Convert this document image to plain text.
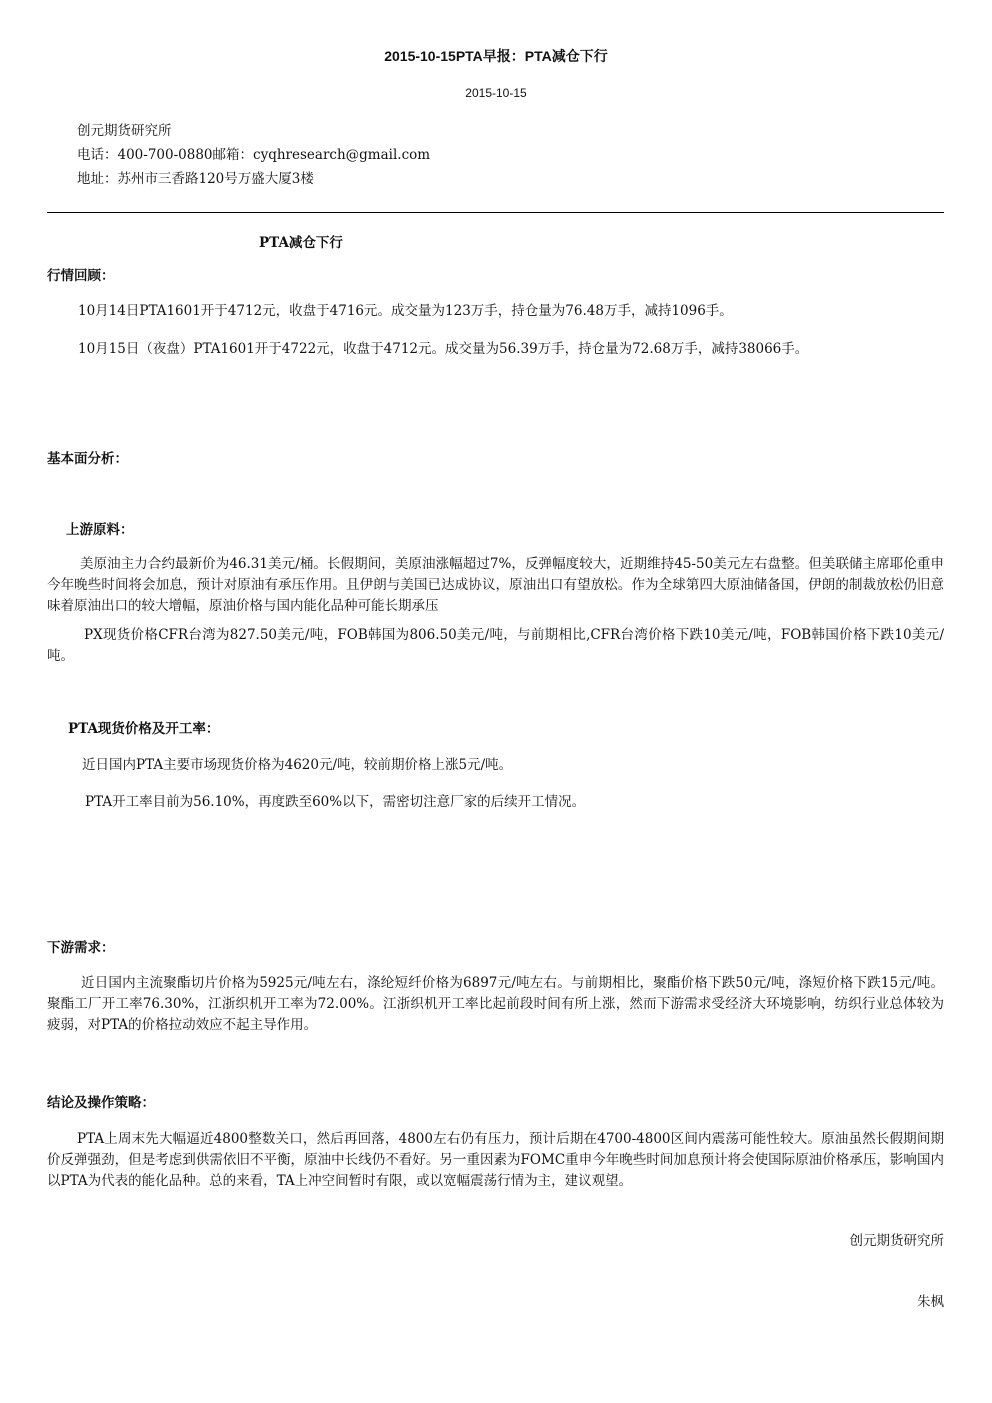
2015-10-15PTA早报：PTA减仓下行
2015-10-15
创元期货研究所
电话：400-700-0880邮箱：cyqhresearch@gmail.com
地址：苏州市三香路120号万盛大厦3楼
PTA减仓下行
行情回顾：
10月14日PTA1601开于4712元，收盘于4716元。成交量为123万手，持仓量为76.48万手，减持1096手。
10月15日（夜盘）PTA1601开于4722元，收盘于4712元。成交量为56.39万手，持仓量为72.68万手，减持38066手。
基本面分析：
上游原料：
美原油主力合约最新价为46.31美元/桶。长假期间，美原油涨幅超过7%，反弹幅度较大，近期维持45-50美元左右盘整。但美联储主席耶伦重申今年晚些时间将会加息，预计对原油有承压作用。且伊朗与美国已达成协议，原油出口有望放松。作为全球第四大原油储备国，伊朗的制裁放松仍旧意味着原油出口的较大增幅，原油价格与国内能化品种可能长期承压
PX现货价格CFR台湾为827.50美元/吨，FOB韩国为806.50美元/吨，与前期相比,CFR台湾价格下跌10美元/吨，FOB韩国价格下跌10美元/吨。
PTA现货价格及开工率：
近日国内PTA主要市场现货价格为4620元/吨，较前期价格上涨5元/吨。
PTA开工率目前为56.10%，再度跌至60%以下，需密切注意厂家的后续开工情况。
下游需求：
近日国内主流聚酯切片价格为5925元/吨左右，涤纶短纤价格为6897元/吨左右。与前期相比，聚酯价格下跌50元/吨，涤短价格下跌15元/吨。聚酯工厂开工率76.30%，江浙织机开工率为72.00%。江浙织机开工率比起前段时间有所上涨，然而下游需求受经济大环境影响，纺织行业总体较为疲弱，对PTA的价格拉动效应不起主导作用。
结论及操作策略：
PTA上周末先大幅逼近4800整数关口，然后再回落，4800左右仍有压力，预计后期在4700-4800区间内震荡可能性较大。原油虽然长假期间期价反弹强劲，但是考虑到供需依旧不平衡，原油中长线仍不看好。另一重因素为FOMC重申今年晚些时间加息预计将会使国际原油价格承压，影响国内以PTA为代表的能化品种。总的来看，TA上冲空间暂时有限，或以宽幅震荡行情为主，建议观望。
创元期货研究所
朱枫
